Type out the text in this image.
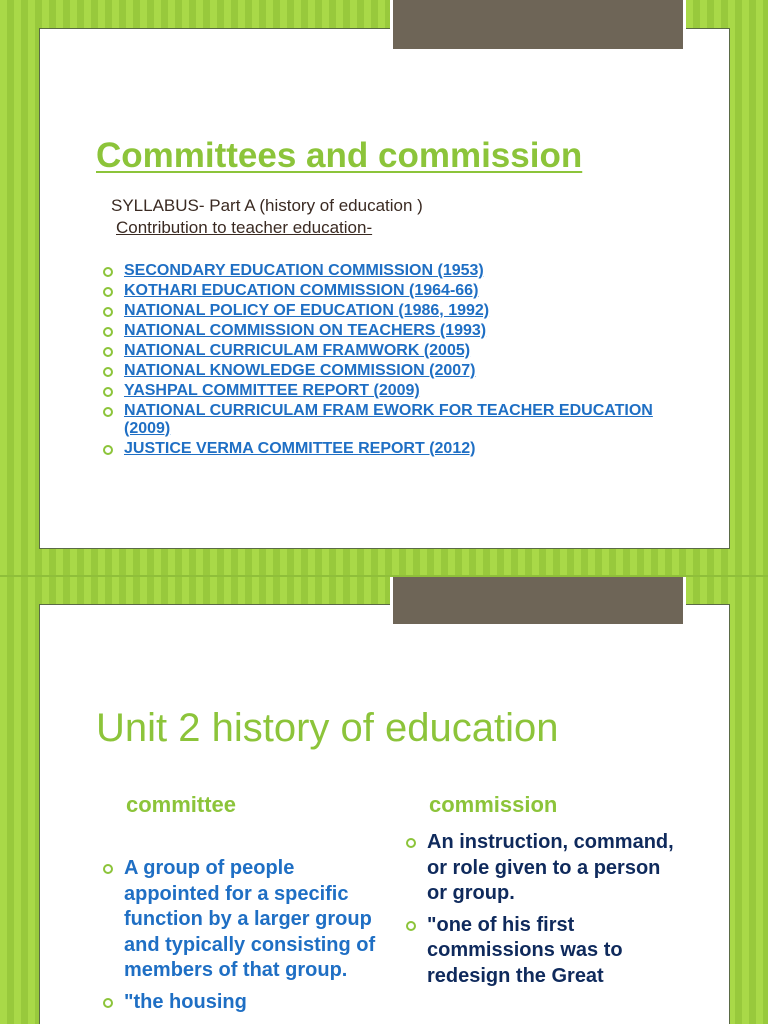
Committees and commission

SYLLABUS- Part A (history of education )

Contribution to teacher education-

SECONDARY EDUCATION COMMISSION (1953)
KOTHARI EDUCATION COMMISSION (1964-66)
NATIONAL POLICY OF EDUCATION (1986, 1992)
NATIONAL COMMISSION ON TEACHERS (1993)
NATIONAL CURRICULAM FRAMWORK (2005)
NATIONAL KNOWLEDGE COMMISSION (2007)
YASHPAL COMMITTEE REPORT (2009)
NATIONAL CURRICULAM FRAM EWORK FOR TEACHER EDUCATION (2009)
JUSTICE VERMA COMMITTEE REPORT (2012)
Unit 2 history of education
committee	commission
A group of people appointed for a specific function by a larger group and typically consisting of members of that group.
"the housing
An instruction, command, or role given to a person or group.
"one of his first commissions was to redesign the Great
